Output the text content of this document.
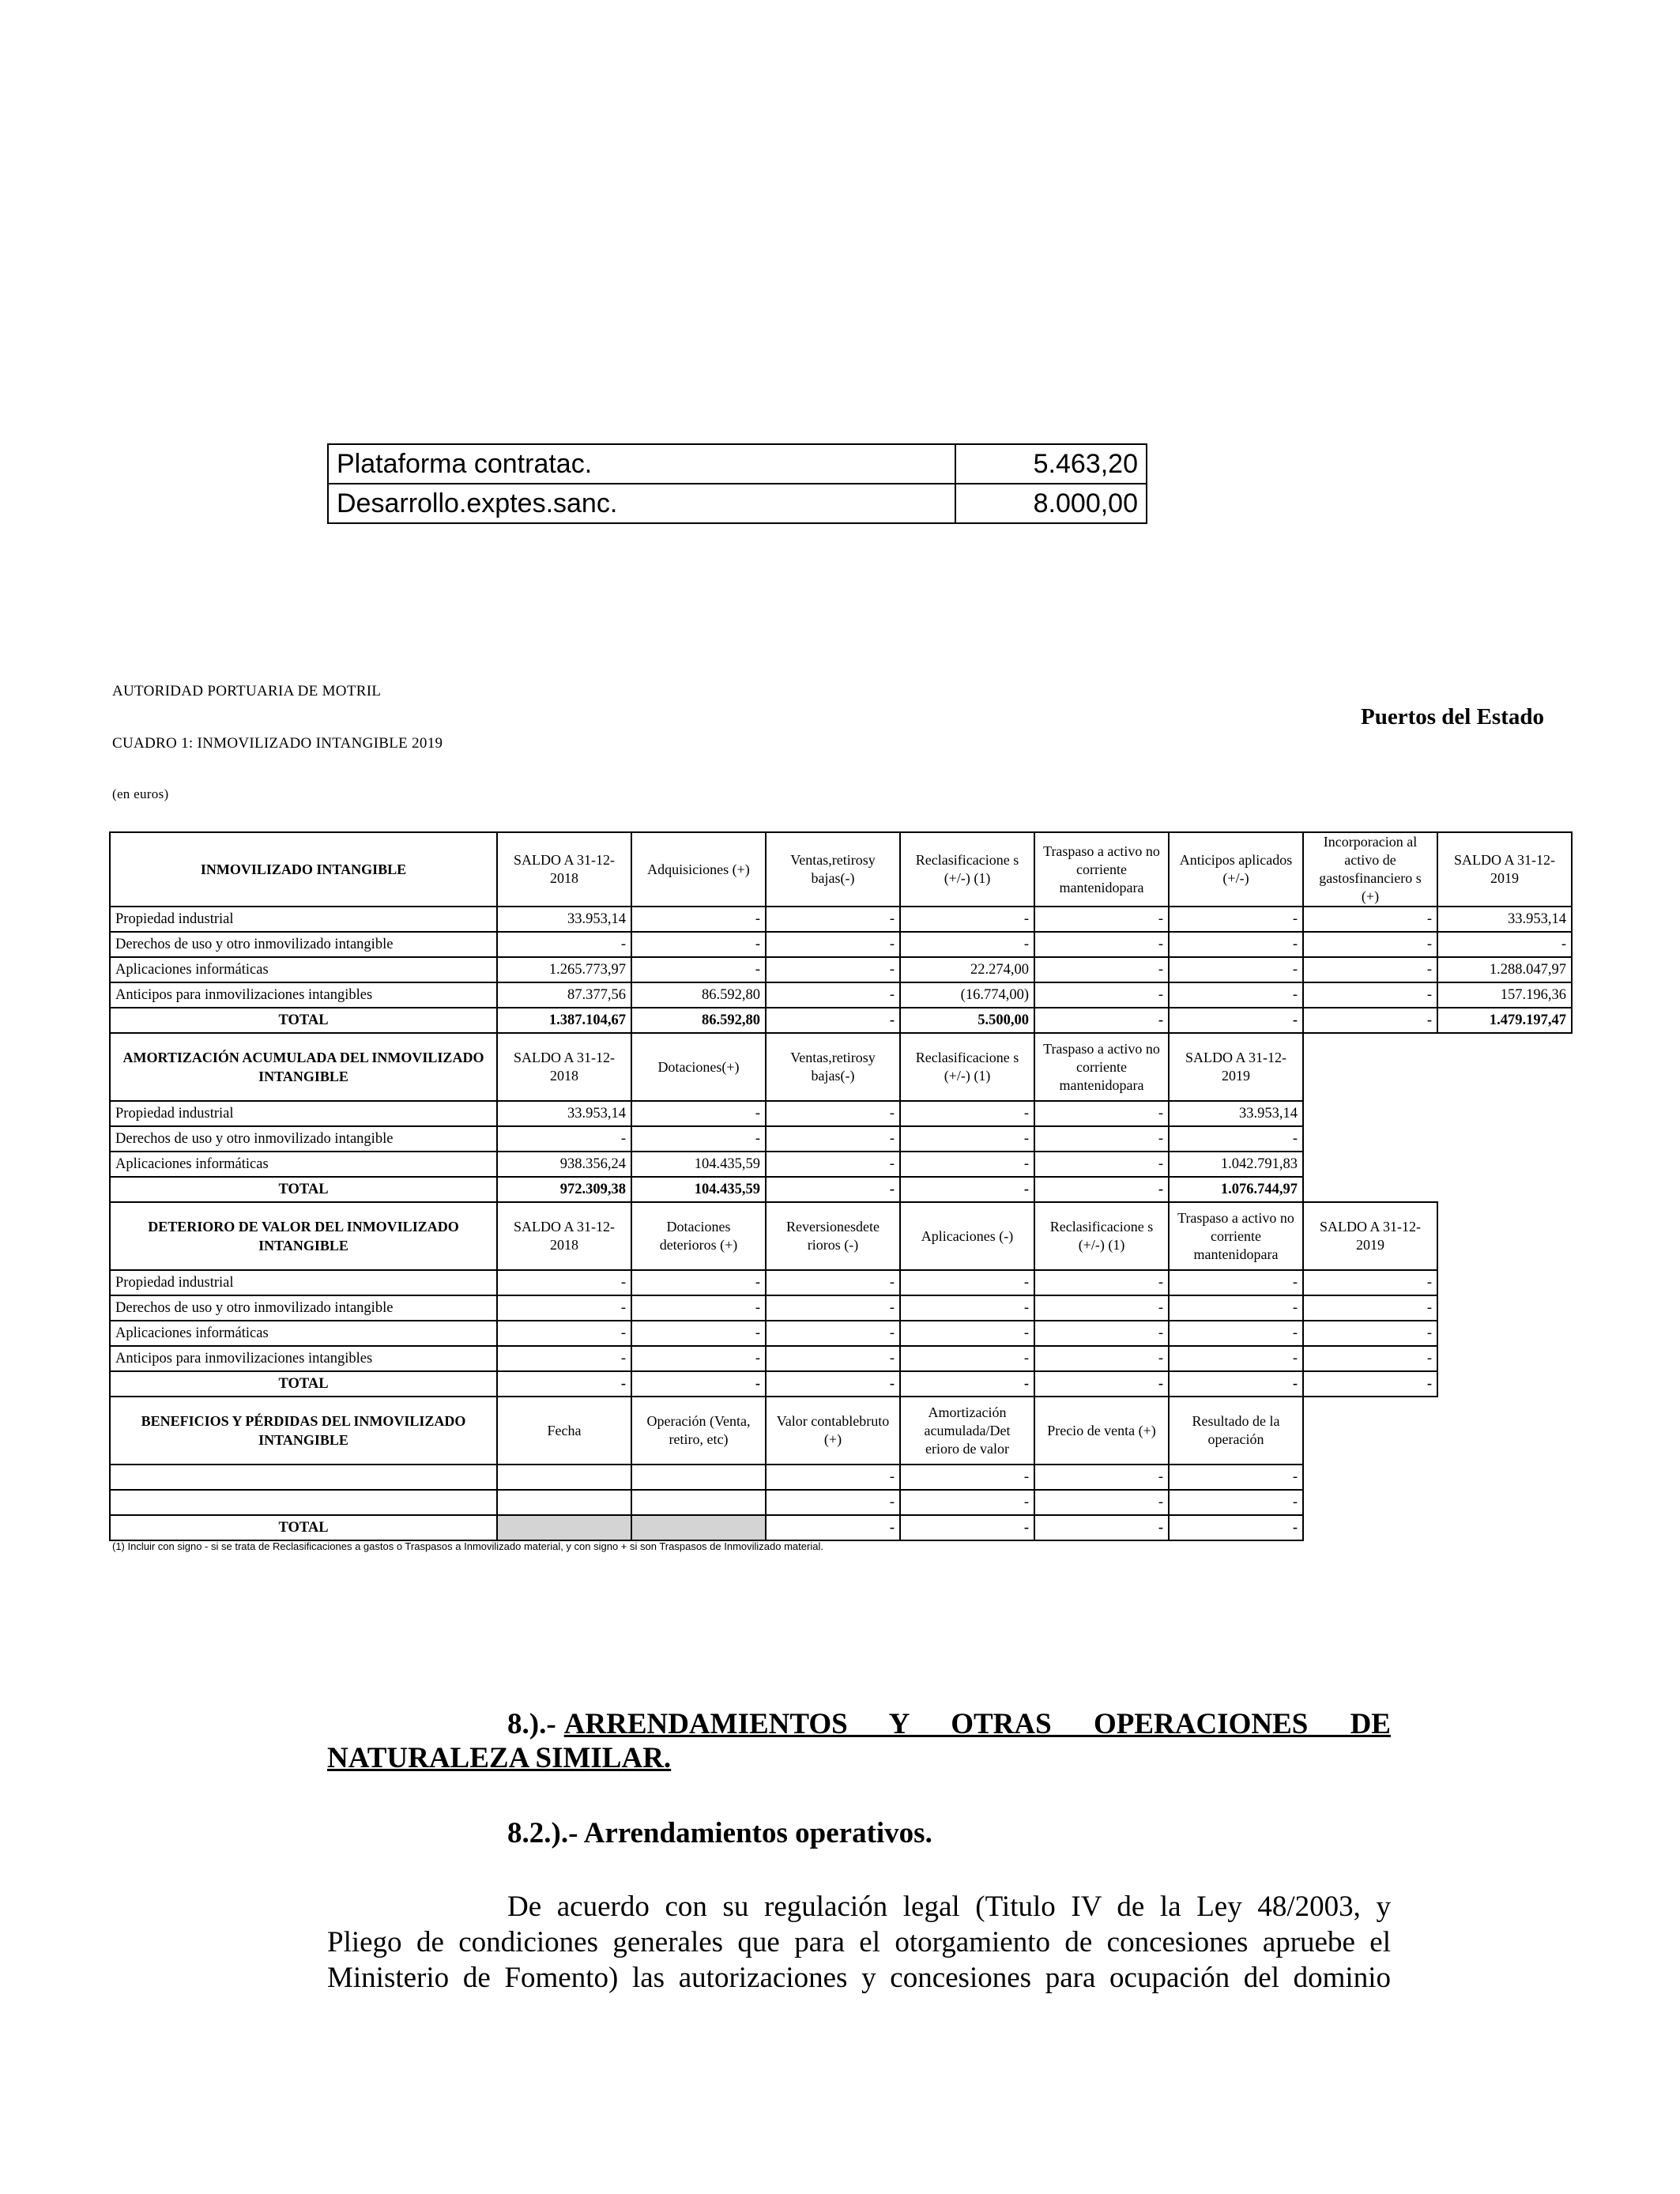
Plataforma contratac.	5.463,20
Desarrollo.exptes.sanc.	8.000,00
AUTORIDAD PORTUARIA DE MOTRIL
CUADRO 1: INMOVILIZADO INTANGIBLE 2019
(en euros)
Puertos del Estado
INMOVILIZADO INTANGIBLE	SALDO A 31-12-2018	Adquisiciones (+)	Ventas,retirosy bajas(-)	Reclasificacione s (+/-) (1)	Traspaso a activo no corriente mantenidopara	Anticipos aplicados (+/-)	Incorporacion al activo de gastosfinanciero s (+)	SALDO A 31-12-2019
Propiedad industrial	33.953,14	-	-	-	-	-	-	33.953,14
Derechos de uso y otro inmovilizado intangible	-	-	-	-	-	-	-	-
Aplicaciones informáticas	1.265.773,97	-	-	22.274,00	-	-	-	1.288.047,97
Anticipos para inmovilizaciones intangibles	87.377,56	86.592,80	-	(16.774,00)	-	-	-	157.196,36
TOTAL	1.387.104,67	86.592,80	-	5.500,00	-	-	-	1.479.197,47
AMORTIZACIÓN ACUMULADA DEL INMOVILIZADO INTANGIBLE	SALDO A 31-12-2018	Dotaciones(+)	Ventas,retirosy bajas(-)	Reclasificacione s (+/-) (1)	Traspaso a activo no corriente mantenidopara	SALDO A 31-12-2019		
Propiedad industrial	33.953,14	-	-	-	-	33.953,14		
Derechos de uso y otro inmovilizado intangible	-	-	-	-	-	-		
Aplicaciones informáticas	938.356,24	104.435,59	-	-	-	1.042.791,83		
TOTAL	972.309,38	104.435,59	-	-	-	1.076.744,97		
DETERIORO DE VALOR DEL INMOVILIZADO INTANGIBLE	SALDO A 31-12-2018	Dotaciones deterioros (+)	Reversionesdete rioros (-)	Aplicaciones (-)	Reclasificacione s (+/-) (1)	Traspaso a activo no corriente mantenidopara	SALDO A 31-12-2019	
Propiedad industrial	-	-	-	-	-	-	-	
Derechos de uso y otro inmovilizado intangible	-	-	-	-	-	-	-	
Aplicaciones informáticas	-	-	-	-	-	-	-	
Anticipos para inmovilizaciones intangibles	-	-	-	-	-	-	-	
TOTAL	-	-	-	-	-	-	-	
BENEFICIOS Y PÉRDIDAS DEL INMOVILIZADO INTANGIBLE	Fecha	Operación (Venta, retiro, etc)	Valor contablebruto (+)	Amortización acumulada/Det erioro de valor	Precio de venta (+)	Resultado de la operación		
			-	-	-	-		
			-	-	-	-		
TOTAL			-	-	-	-		
(1) Incluir con signo - si se trata de Reclasificaciones a gastos o Traspasos a Inmovilizado material, y con signo + si son Traspasos de Inmovilizado material.
8.).- ARRENDAMIENTOS Y OTRAS OPERACIONES DE
NATURALEZA SIMILAR.
8.2.).- Arrendamientos operativos.
De acuerdo con su regulación legal (Titulo IV de la Ley 48/2003, y
Pliego de condiciones generales que para el otorgamiento de concesiones apruebe el
Ministerio de Fomento) las autorizaciones y concesiones para ocupación del dominio
